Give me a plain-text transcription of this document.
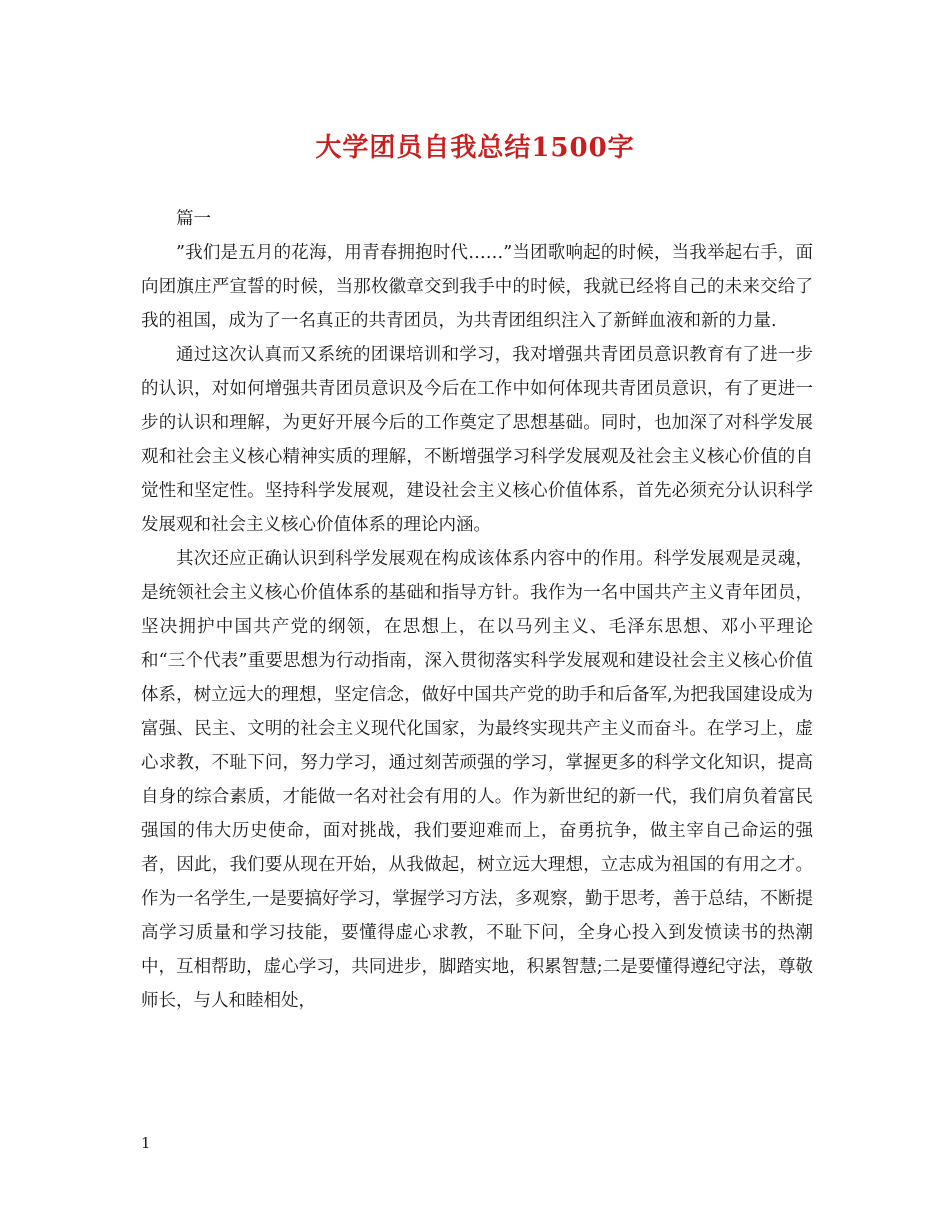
大学团员自我总结1500字

篇一

”我们是五月的花海，用青春拥抱时代……”当团歌响起的时候，当我举起右手，面向团旗庄严宣誓的时候，当那枚徽章交到我手中的时候，我就已经将自己的未来交给了我的祖国，成为了一名真正的共青团员，为共青团组织注入了新鲜血液和新的力量.

通过这次认真而又系统的团课培训和学习，我对增强共青团员意识教育有了进一步的认识，对如何增强共青团员意识及今后在工作中如何体现共青团员意识，有了更进一步的认识和理解，为更好开展今后的工作奠定了思想基础。同时，也加深了对科学发展观和社会主义核心精神实质的理解，不断增强学习科学发展观及社会主义核心价值的自觉性和坚定性。坚持科学发展观，建设社会主义核心价值体系，首先必须充分认识科学发展观和社会主义核心价值体系的理论内涵。

其次还应正确认识到科学发展观在构成该体系内容中的作用。科学发展观是灵魂，是统领社会主义核心价值体系的基础和指导方针。我作为一名中国共产主义青年团员，坚决拥护中国共产党的纲领，在思想上，在以马列主义、毛泽东思想、邓小平理论和“三个代表”重要思想为行动指南，深入贯彻落实科学发展观和建设社会主义核心价值体系，树立远大的理想，坚定信念，做好中国共产党的助手和后备军,为把我国建设成为富强、民主、文明的社会主义现代化国家，为最终实现共产主义而奋斗。在学习上，虚心求教，不耻下问，努力学习，通过刻苦顽强的学习，掌握更多的科学文化知识，提高自身的综合素质，才能做一名对社会有用的人。作为新世纪的新一代，我们肩负着富民强国的伟大历史使命，面对挑战，我们要迎难而上，奋勇抗争，做主宰自己命运的强者，因此，我们要从现在开始，从我做起，树立远大理想，立志成为祖国的有用之才。作为一名学生,一是要搞好学习，掌握学习方法，多观察，勤于思考，善于总结，不断提高学习质量和学习技能，要懂得虚心求教，不耻下问，全身心投入到发愤读书的热潮中，互相帮助，虚心学习，共同进步，脚踏实地，积累智慧;二是要懂得遵纪守法，尊敬师长，与人和睦相处，

1
